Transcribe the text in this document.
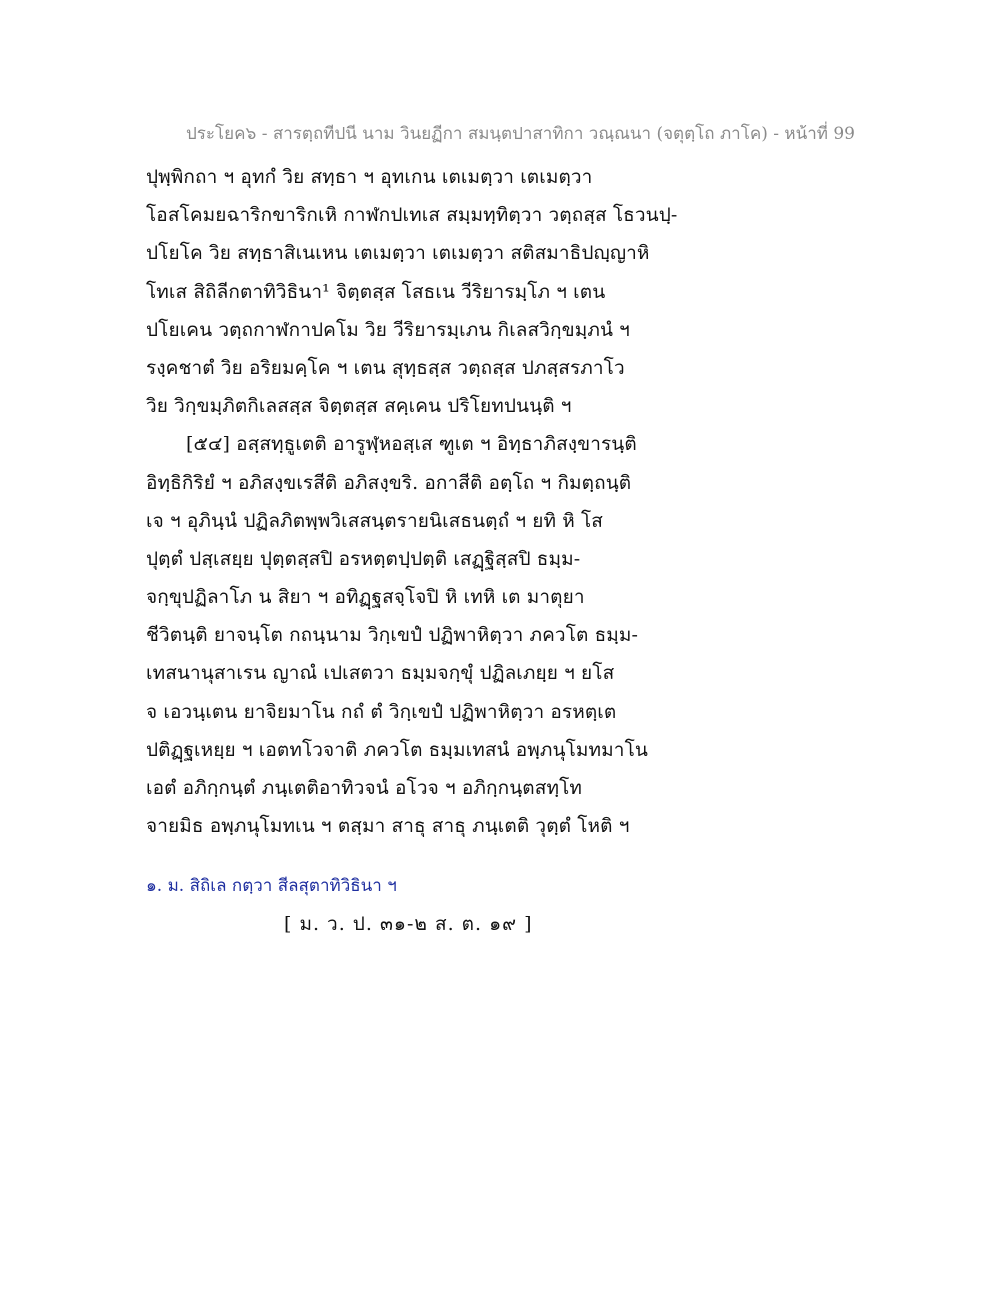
ประโยค๖ - สารตฺถทีปนี นาม วินยฏีกา สมนฺตปาสาทิกา วณฺณนา (จตุตฺโถ ภาโค) - หน้าที่ 99
ปุพฺพิกถา ฯ อุทกํ วิย สทฺธา ฯ อุทเกน เตเมตฺวา เตเมตฺวา
โอสโคมยฉาริกขาริกเหิ กาฬกปเทเส สมฺมทฺทิตฺวา วตฺถสฺส โธวนปฺ-
ปโยโค วิย สทฺธาสิเนเหน เตเมตฺวา เตเมตฺวา สติสมาธิปญฺญาหิ
โทเส สิถิลีกตาทิวิธินา¹ จิตฺตสฺส โสธเน วีริยารมฺโภ ฯ เตน
ปโยเคน วตฺถกาฬกาปคโม วิย วีริยารมฺเภน กิเลสวิกฺขมฺภนํ ฯ
รงฺคชาตํ วิย อริยมคฺโค ฯ เตน สุทฺธสฺส วตฺถสฺส ปภสฺสรภาโว
วิย วิกฺขมฺภิตกิเลสสฺส จิตฺตสฺส สคฺเคน ปริโยทปนนฺติ ฯ
[๕๔] อสฺสทฺธูเตติ อารูฬฺหอสฺเส ฑูเต ฯ อิทฺธาภิสงฺขารนฺติ
อิทฺธิกิริยํ ฯ อภิสงฺขเรสีติ อภิสงฺขริ. อกาสีติ อตฺโถ ฯ กิมตฺถนฺติ
เจ ฯ อุภินฺนํ ปฏิลภิตพฺพวิเสสนฺตรายนิเสธนตฺถํ ฯ ยทิ หิ โส
ปุตฺตํ ปสฺเสยฺย ปุตฺตสฺสปิ อรหตฺตปฺปตฺติ เสฏฺฐิสฺสปิ ธมฺม-
จกฺขุปฏิลาโภ น สิยา ฯ อทิฏฺฐสจฺโจปิ หิ เทหิ เต มาตุยา
ชีวิตนฺติ ยาจนฺโต กถนฺนาม วิกฺเขปํ ปฏิพาหิตฺวา ภควโต ธมฺม-
เทสนานุสาเรน ญาณํ เปเสตวา ธมฺมจกฺขุํ ปฏิลเภยฺย ฯ ยโส
จ เอวนฺเตน ยาจิยมาโน กถํ ตํ วิกฺเขปํ ปฏิพาหิตฺวา อรหตฺเต
ปติฏฺฐเหยฺย ฯ เอตทโวจาติ ภควโต ธมฺมเทสนํ อพฺภนุโมทมาโน
เอตํ อภิกฺกนฺตํ ภนฺเตติอาทิวจนํ อโวจ ฯ อภิกฺกนฺตสทฺโท
จายมิธ อพฺภนุโมทเน ฯ ตสฺมา สาธุ สาธุ ภนฺเตติ วุตฺตํ โหติ ฯ
๑. ม. สิถิเล กตฺวา สีลสุตาทิวิธินา ฯ
[ ม. ว. ป. ๓๑-๒ ส. ต. ๑๙ ]
